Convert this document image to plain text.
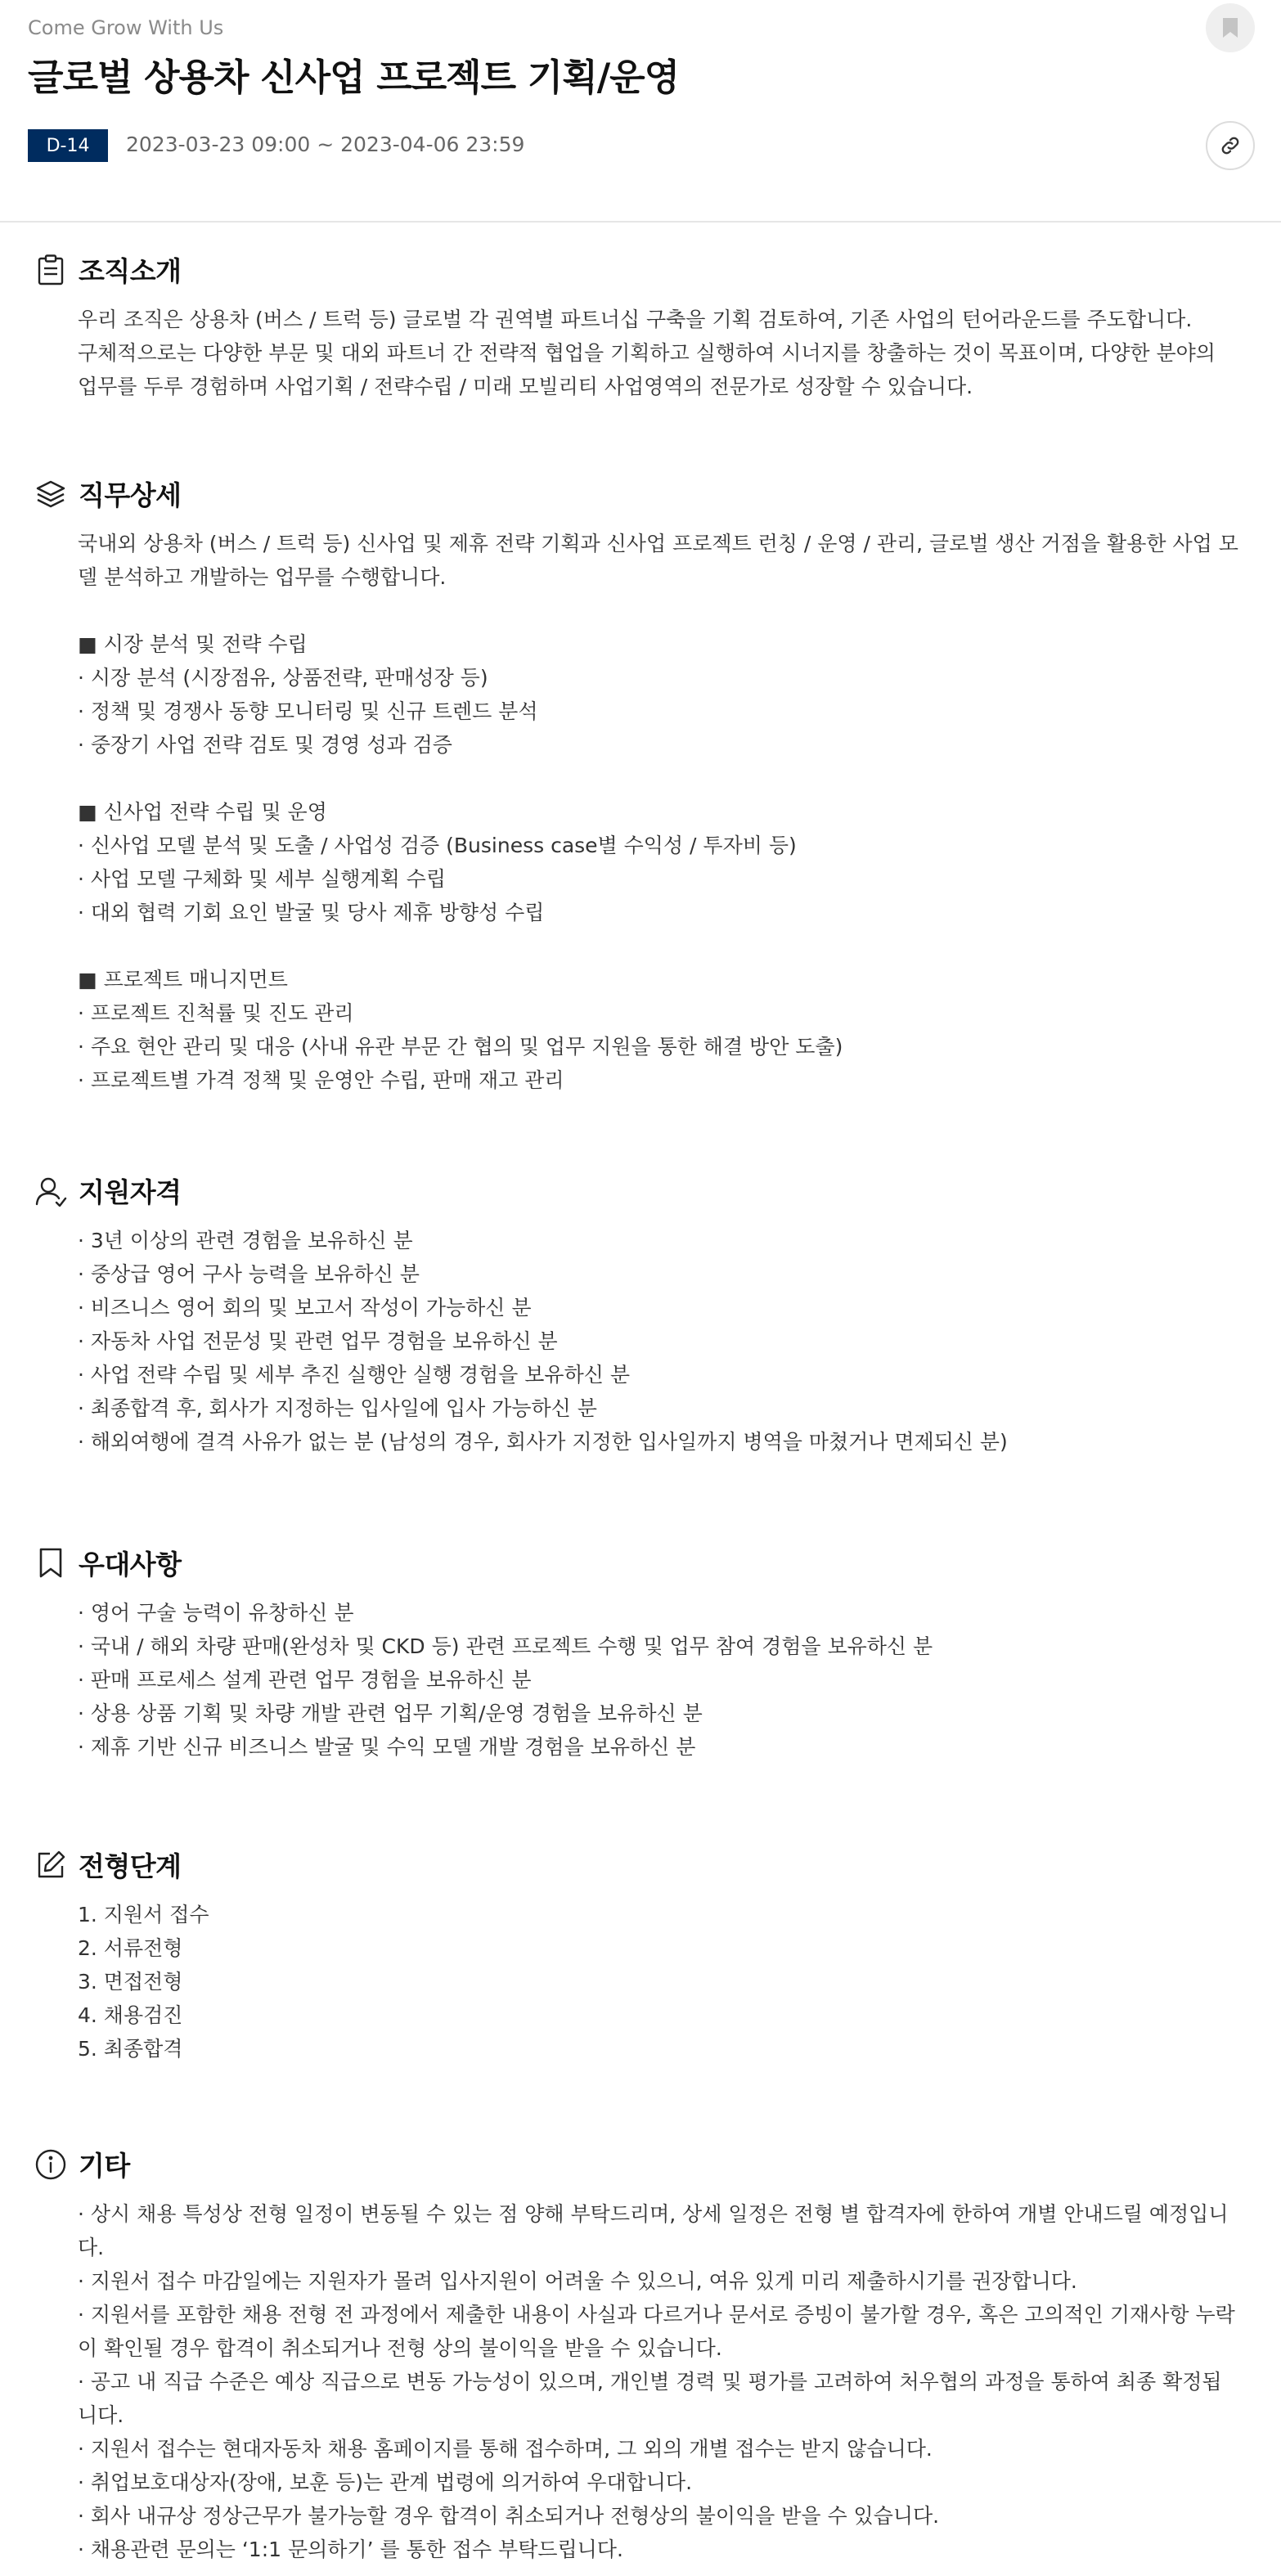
Come Grow With Us
글로벌 상용차 신사업 프로젝트 기획/운영
D-14	2023-03-23 09:00 ~ 2023-04-06 23:59
조직소개

우리 조직은 상용차 (버스 / 트럭 등) 글로벌 각 권역별 파트너십 구축을 기획 검토하여, 기존 사업의 턴어라운드를 주도합니다.

구체적으로는 다양한 부문 및 대외 파트너 간 전략적 협업을 기획하고 실행하여 시너지를 창출하는 것이 목표이며, 다양한 분야의 업무를 두루 경험하며 사업기획 / 전략수립 / 미래 모빌리티 사업영역의 전문가로 성장할 수 있습니다.

직무상세

국내외 상용차 (버스 / 트럭 등) 신사업 및 제휴 전략 기획과 신사업 프로젝트 런칭 / 운영 / 관리, 글로벌 생산 거점을 활용한 사업 모델 분석하고 개발하는 업무를 수행합니다.

■ 시장 분석 및 전략 수립

· 시장 분석 (시장점유, 상품전략, 판매성장 등)
· 정책 및 경쟁사 동향 모니터링 및 신규 트렌드 분석
· 중장기 사업 전략 검토 및 경영 성과 검증

■ 신사업 전략 수립 및 운영

· 신사업 모델 분석 및 도출 / 사업성 검증 (Business case별 수익성 / 투자비 등)
· 사업 모델 구체화 및 세부 실행계획 수립
· 대외 협력 기회 요인 발굴 및 당사 제휴 방향성 수립

■ 프로젝트 매니지먼트

· 프로젝트 진척률 및 진도 관리
· 주요 현안 관리 및 대응 (사내 유관 부문 간 협의 및 업무 지원을 통한 해결 방안 도출)
· 프로젝트별 가격 정책 및 운영안 수립, 판매 재고 관리
지원자격
· 3년 이상의 관련 경험을 보유하신 분
· 중상급 영어 구사 능력을 보유하신 분
· 비즈니스 영어 회의 및 보고서 작성이 가능하신 분
· 자동차 사업 전문성 및 관련 업무 경험을 보유하신 분
· 사업 전략 수립 및 세부 추진 실행안 실행 경험을 보유하신 분
· 최종합격 후, 회사가 지정하는 입사일에 입사 가능하신 분
· 해외여행에 결격 사유가 없는 분 (남성의 경우, 회사가 지정한 입사일까지 병역을 마쳤거나 면제되신 분)
우대사항
· 영어 구술 능력이 유창하신 분
· 국내 / 해외 차량 판매(완성차 및 CKD 등) 관련 프로젝트 수행 및 업무 참여 경험을 보유하신 분
· 판매 프로세스 설계 관련 업무 경험을 보유하신 분
· 상용 상품 기획 및 차량 개발 관련 업무 기획/운영 경험을 보유하신 분
· 제휴 기반 신규 비즈니스 발굴 및 수익 모델 개발 경험을 보유하신 분
전형단계
1. 지원서 접수
2. 서류전형
3. 면접전형
4. 채용검진
5. 최종합격
기타
· 상시 채용 특성상 전형 일정이 변동될 수 있는 점 양해 부탁드리며, 상세 일정은 전형 별 합격자에 한하여 개별 안내드릴 예정입니다.
· 지원서 접수 마감일에는 지원자가 몰려 입사지원이 어려울 수 있으니, 여유 있게 미리 제출하시기를 권장합니다.
· 지원서를 포함한 채용 전형 전 과정에서 제출한 내용이 사실과 다르거나 문서로 증빙이 불가할 경우, 혹은 고의적인 기재사항 누락이 확인될 경우 합격이 취소되거나 전형 상의 불이익을 받을 수 있습니다.
· 공고 내 직급 수준은 예상 직급으로 변동 가능성이 있으며, 개인별 경력 및 평가를 고려하여 처우협의 과정을 통하여 최종 확정됩니다.
· 지원서 접수는 현대자동차 채용 홈페이지를 통해 접수하며, 그 외의 개별 접수는 받지 않습니다.
· 취업보호대상자(장애, 보훈 등)는 관계 법령에 의거하여 우대합니다.
· 회사 내규상 정상근무가 불가능할 경우 합격이 취소되거나 전형상의 불이익을 받을 수 있습니다.
· 채용관련 문의는 ‘1:1 문의하기’ 를 통한 접수 부탁드립니다.
